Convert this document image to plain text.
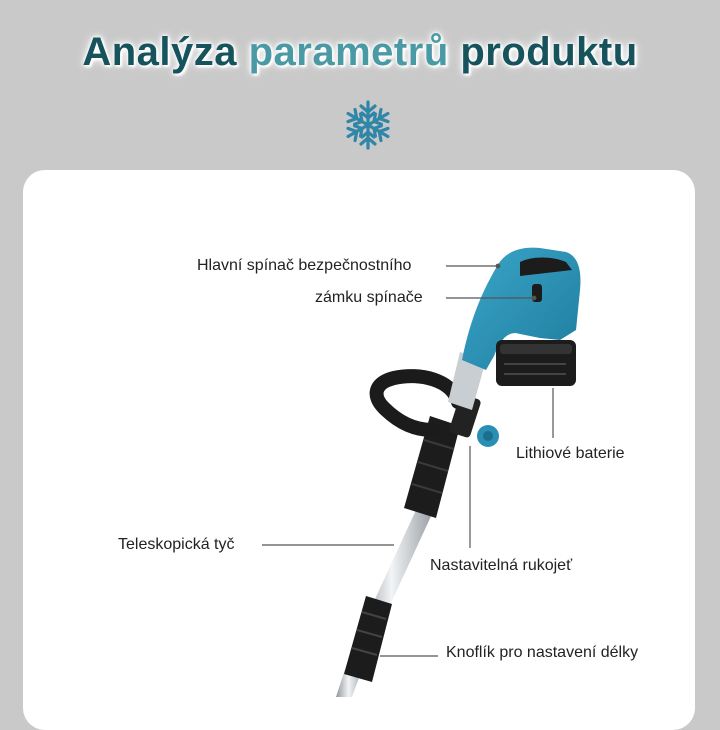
Analýza parametrů produktu
Hlavní spínač bezpečnostního
zámku spínače
Lithiové baterie
Teleskopická tyč
Nastavitelná rukojeť
Knoflík pro nastavení délky
